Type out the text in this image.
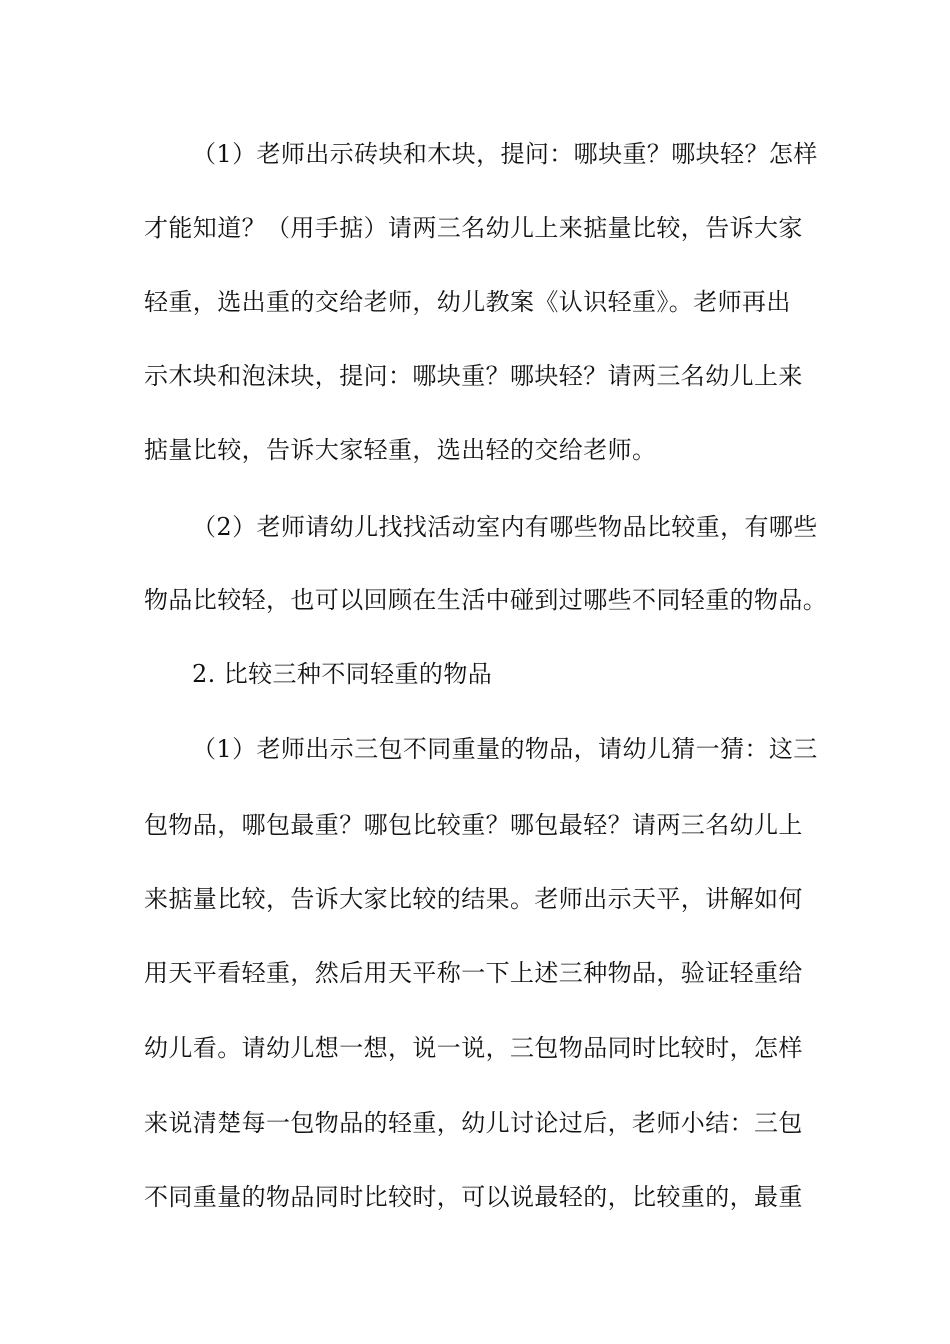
（1）老师出示砖块和木块，提问：哪块重？哪块轻？怎样
才能知道？（用手掂）请两三名幼儿上来掂量比较，告诉大家
轻重，选出重的交给老师，幼儿教案《认识轻重》。老师再出
示木块和泡沫块，提问：哪块重？哪块轻？请两三名幼儿上来
掂量比较，告诉大家轻重，选出轻的交给老师。
（2）老师请幼儿找找活动室内有哪些物品比较重，有哪些
物品比较轻，也可以回顾在生活中碰到过哪些不同轻重的物品。
2. 比较三种不同轻重的物品
（1）老师出示三包不同重量的物品，请幼儿猜一猜：这三
包物品，哪包最重？哪包比较重？哪包最轻？请两三名幼儿上
来掂量比较，告诉大家比较的结果。老师出示天平，讲解如何
用天平看轻重，然后用天平称一下上述三种物品，验证轻重给
幼儿看。请幼儿想一想，说一说，三包物品同时比较时，怎样
来说清楚每一包物品的轻重，幼儿讨论过后，老师小结：三包
不同重量的物品同时比较时，可以说最轻的，比较重的，最重
